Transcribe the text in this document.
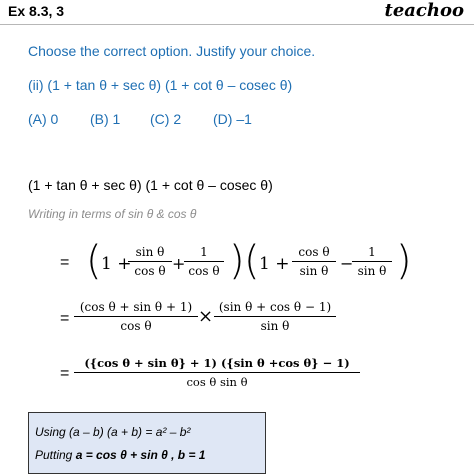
Ex 8.3, 3	teachoo
Choose the correct option. Justify your choice.
(ii) (1 + tan θ + sec θ) (1 + cot θ – cosec θ)
(A) 0 (B) 1 (C) 2 (D) –1
(1 + tan θ + sec θ) (1 + cot θ – cosec θ)
Writing in terms of sin θ & cos θ
= ( 1 +
$\frac{\text{sin θ}}{\text{cos θ}}$ +
$\frac{1}{\text{cos θ}}$ ) ( $1 + \frac{\text{cos θ}}{\text{sin θ}}$ −
$\frac{1}{\text{sin θ}}$ )
= $\frac{\text{(cos θ + sin θ + 1)}}{\text{cos θ}} \times \frac{\text{(sin θ + cos θ − 1)}}{\text{sin θ}}$
= $\frac{\text{(\{cos θ + sin θ\} + 1) (\{sin θ +cos θ\} − 1)}}{\text{cos θ sin θ}}$
Using (a – b) (a + b) = a² – b²
Putting a = cos θ + sin θ , b = 1
